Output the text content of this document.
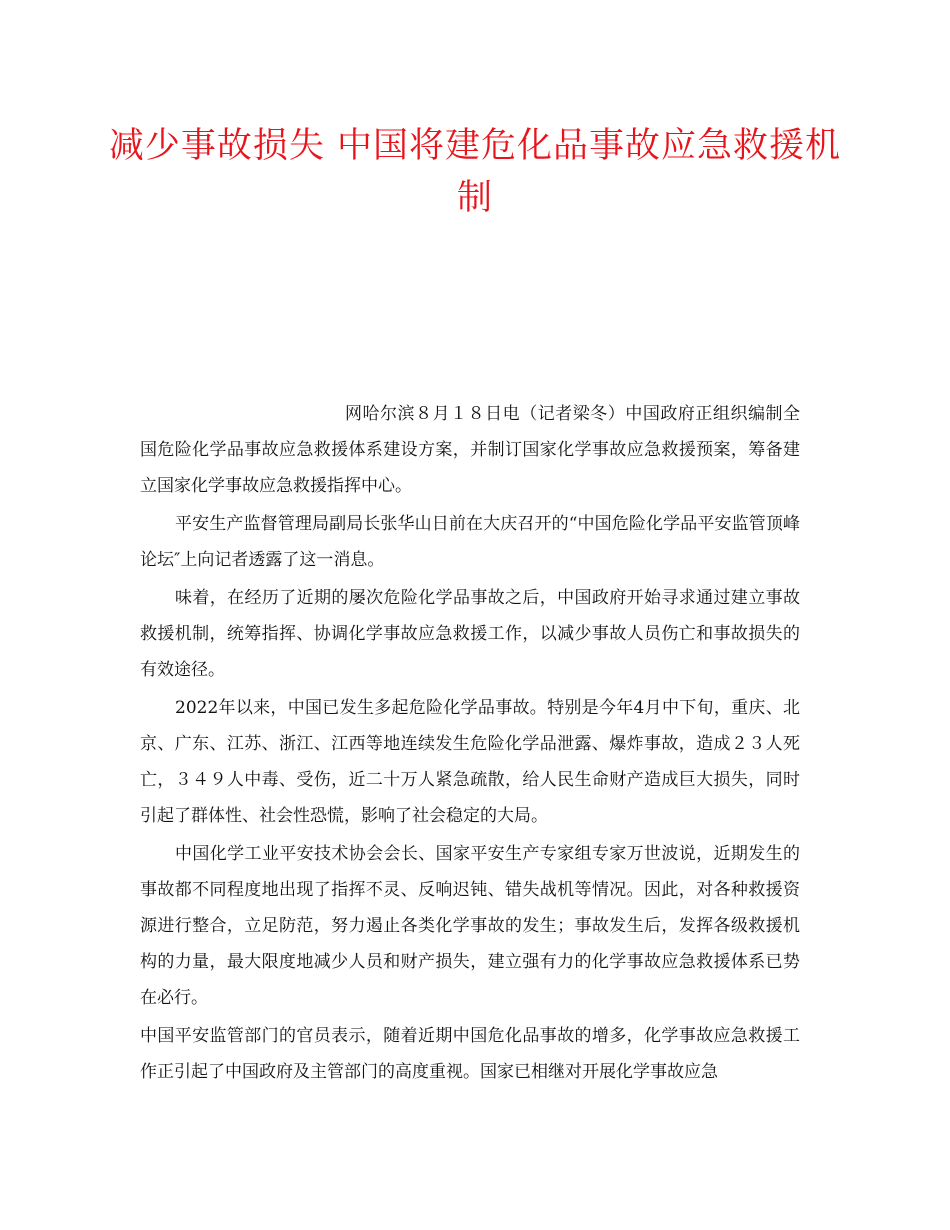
减少事故损失 中国将建危化品事故应急救援机制

网哈尔滨８月１８日电（记者梁冬）中国政府正组织编制全国危险化学品事故应急救援体系建设方案，并制订国家化学事故应急救援预案，筹备建立国家化学事故应急救援指挥中心。

平安生产监督管理局副局长张华山日前在大庆召开的“中国危险化学品平安监管顶峰论坛″上向记者透露了这一消息。

味着，在经历了近期的屡次危险化学品事故之后，中国政府开始寻求通过建立事故救援机制，统筹指挥、协调化学事故应急救援工作，以减少事故人员伤亡和事故损失的有效途径。

2022年以来，中国已发生多起危险化学品事故。特别是今年4月中下旬，重庆、北京、广东、江苏、浙江、江西等地连续发生危险化学品泄露、爆炸事故，造成２３人死亡，３４９人中毒、受伤，近二十万人紧急疏散，给人民生命财产造成巨大损失，同时引起了群体性、社会性恐慌，影响了社会稳定的大局。

中国化学工业平安技术协会会长、国家平安生产专家组专家万世波说，近期发生的事故都不同程度地出现了指挥不灵、反响迟钝、错失战机等情况。因此，对各种救援资源进行整合，立足防范，努力遏止各类化学事故的发生；事故发生后，发挥各级救援机构的力量，最大限度地减少人员和财产损失，建立强有力的化学事故应急救援体系已势在必行。

中国平安监管部门的官员表示，随着近期中国危化品事故的增多，化学事故应急救援工作正引起了中国政府及主管部门的高度重视。国家已相继对开展化学事故应急
